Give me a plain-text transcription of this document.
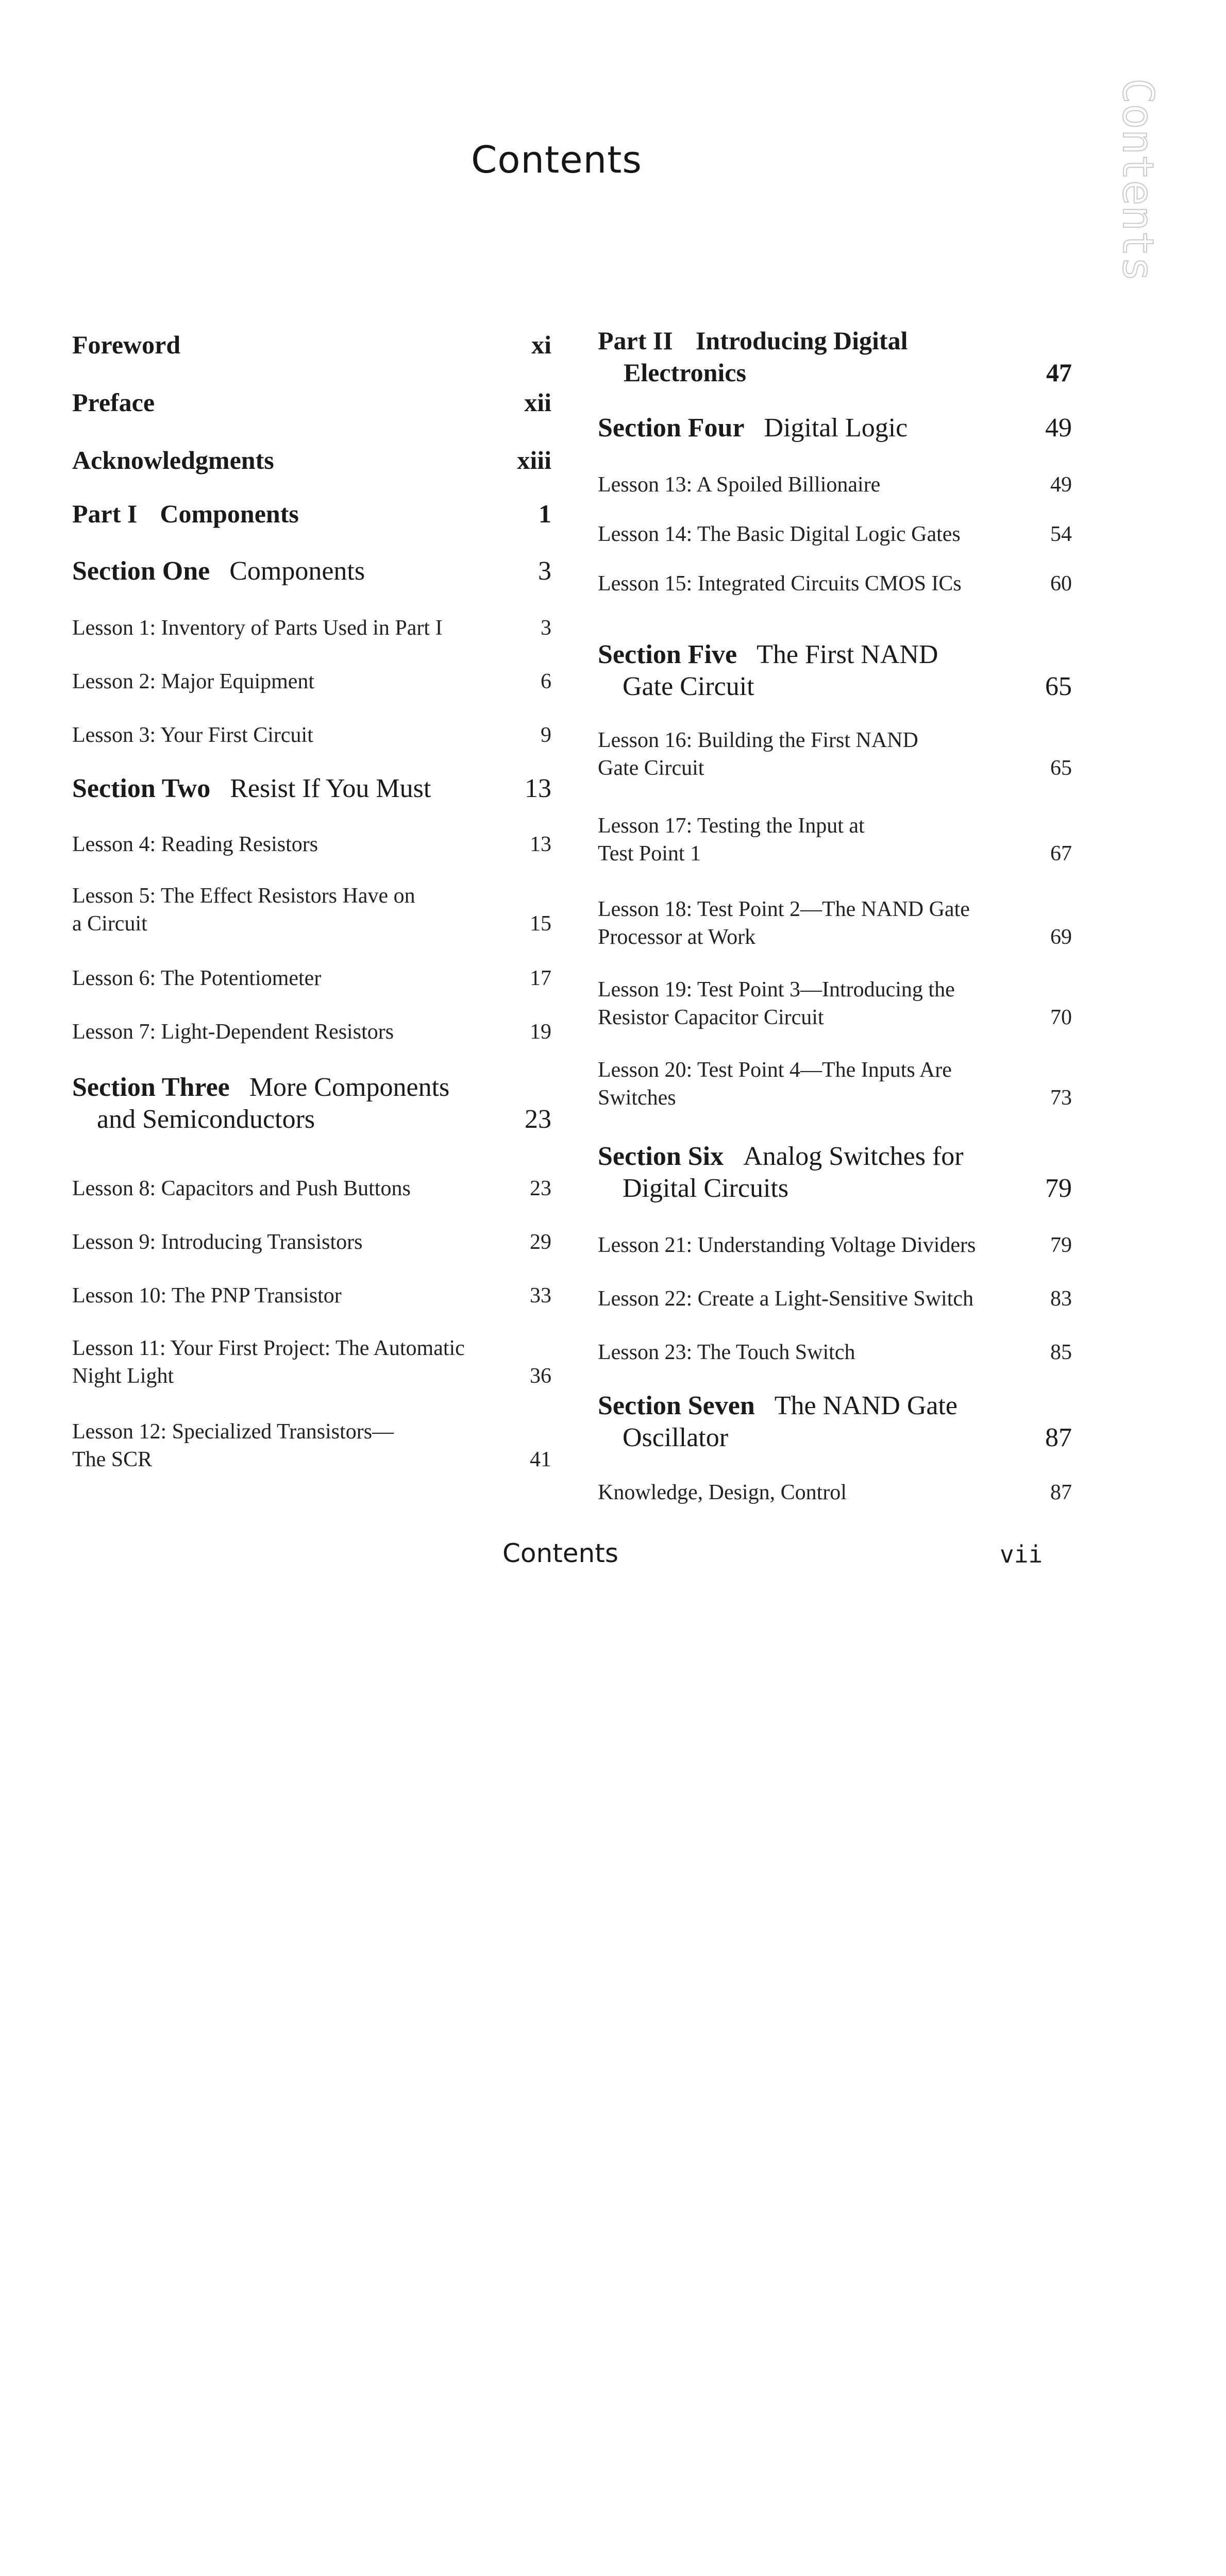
Contents	Contents
Foreword	xi
Preface	xii
Acknowledgments	xiii
Part I Components	1
Section One Components	3
Lesson 1: Inventory of Parts Used in Part I	3
Lesson 2: Major Equipment	6
Lesson 3: Your First Circuit	9
Section Two Resist If You Must	13
Lesson 4: Reading Resistors	13
Lesson 5: The Effect Resistors Have on
a Circuit	15
Lesson 6: The Potentiometer	17
Lesson 7: Light-Dependent Resistors	19
Section Three More Components
and Semiconductors	23
Lesson 8: Capacitors and Push Buttons	23
Lesson 9: Introducing Transistors	29
Lesson 10: The PNP Transistor	33
Lesson 11: Your First Project: The Automatic
Night Light	36
Lesson 12: Specialized Transistors—
The SCR	41
Part II Introducing Digital
Electronics	47
Section Four Digital Logic	49
Lesson 13: A Spoiled Billionaire	49
Lesson 14: The Basic Digital Logic Gates	54
Lesson 15: Integrated Circuits CMOS ICs	60
Section Five The First NAND
Gate Circuit	65
Lesson 16: Building the First NAND
Gate Circuit	65
Lesson 17: Testing the Input at
Test Point 1	67
Lesson 18: Test Point 2—The NAND Gate
Processor at Work	69
Lesson 19: Test Point 3—Introducing the
Resistor Capacitor Circuit	70
Lesson 20: Test Point 4—The Inputs Are
Switches	73
Section Six Analog Switches for
Digital Circuits	79
Lesson 21: Understanding Voltage Dividers	79
Lesson 22: Create a Light-Sensitive Switch	83
Lesson 23: The Touch Switch	85
Section Seven The NAND Gate
Oscillator	87
Knowledge, Design, Control	87
Contents	vii
